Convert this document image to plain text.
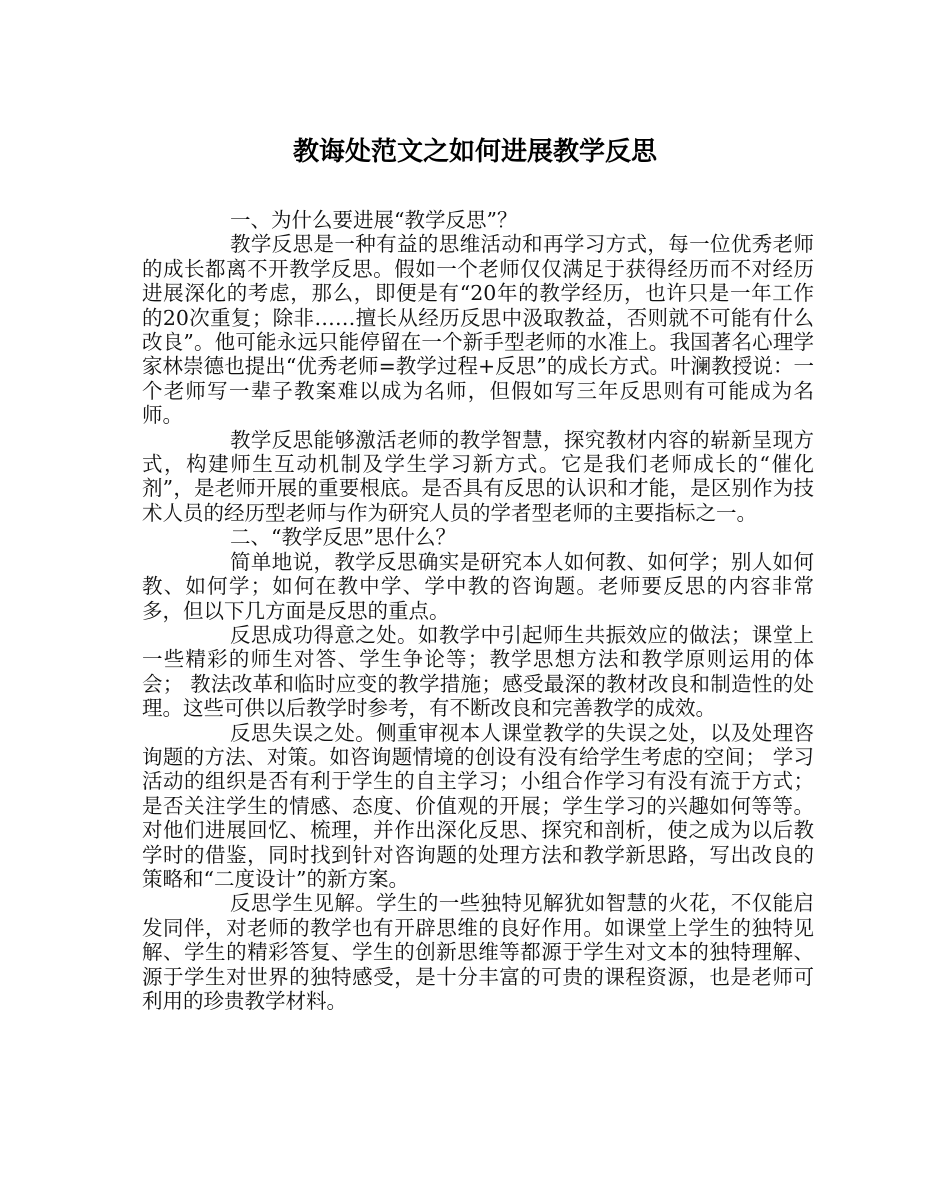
教诲处范文之如何进展教学反思

一、为什么要进展“教学反思”？

教学反思是一种有益的思维活动和再学习方式，每一位优秀老师的成长都离不开教学反思。假如一个老师仅仅满足于获得经历而不对经历进展深化的考虑，那么，即便是有“20年的教学经历，也许只是一年工作的20次重复；除非……擅长从经历反思中汲取教益，否则就不可能有什么改良”。他可能永远只能停留在一个新手型老师的水准上。我国著名心理学家林崇德也提出“优秀老师=教学过程+反思”的成长方式。叶澜教授说：一个老师写一辈子教案难以成为名师，但假如写三年反思则有可能成为名师。

教学反思能够激活老师的教学智慧，探究教材内容的崭新呈现方式，构建师生互动机制及学生学习新方式。它是我们老师成长的“催化剂”，是老师开展的重要根底。是否具有反思的认识和才能，是区别作为技术人员的经历型老师与作为研究人员的学者型老师的主要指标之一。

二、“教学反思”思什么？

简单地说，教学反思确实是研究本人如何教、如何学；别人如何教、如何学；如何在教中学、学中教的咨询题。老师要反思的内容非常多，但以下几方面是反思的重点。

反思成功得意之处。如教学中引起师生共振效应的做法；课堂上一些精彩的师生对答、学生争论等；教学思想方法和教学原则运用的体会； 教法改革和临时应变的教学措施；感受最深的教材改良和制造性的处理。这些可供以后教学时参考，有不断改良和完善教学的成效。

反思失误之处。侧重审视本人课堂教学的失误之处，以及处理咨询题的方法、对策。如咨询题情境的创设有没有给学生考虑的空间； 学习活动的组织是否有利于学生的自主学习；小组合作学习有没有流于方式；是否关注学生的情感、态度、价值观的开展；学生学习的兴趣如何等等。对他们进展回忆、梳理，并作出深化反思、探究和剖析，使之成为以后教学时的借鉴，同时找到针对咨询题的处理方法和教学新思路，写出改良的策略和“二度设计”的新方案。

反思学生见解。学生的一些独特见解犹如智慧的火花，不仅能启发同伴，对老师的教学也有开辟思维的良好作用。如课堂上学生的独特见解、学生的精彩答复、学生的创新思维等都源于学生对文本的独特理解、源于学生对世界的独特感受，是十分丰富的可贵的课程资源，也是老师可利用的珍贵教学材料。
